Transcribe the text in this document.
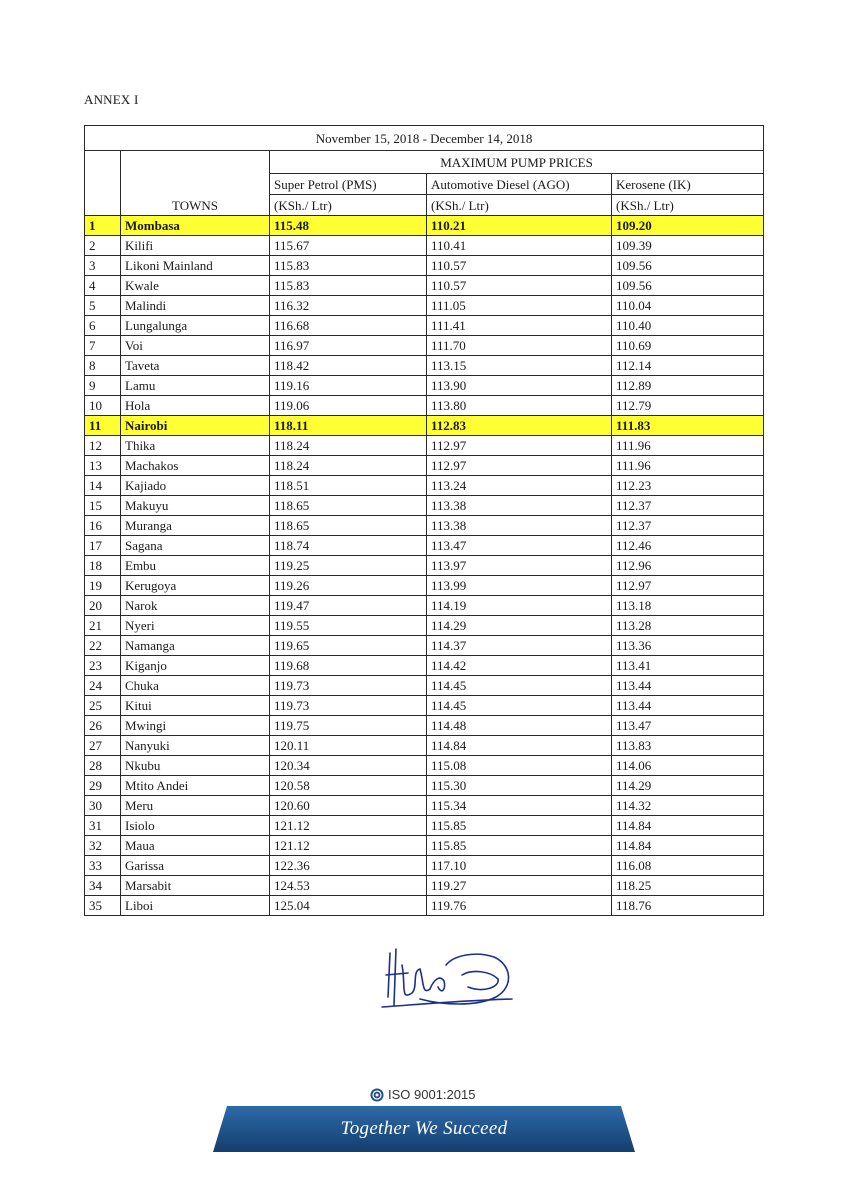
ANNEX I
November 15, 2018 - December 14, 2018				
	TOWNS	MAXIMUM PUMP PRICES		
		Super Petrol (PMS)	Automotive Diesel (AGO)	Kerosene (IK)
		(KSh./ Ltr)	(KSh./ Ltr)	(KSh./ Ltr)
1	Mombasa	115.48	110.21	109.20
2	Kilifi	115.67	110.41	109.39
3	Likoni Mainland	115.83	110.57	109.56
4	Kwale	115.83	110.57	109.56
5	Malindi	116.32	111.05	110.04
6	Lungalunga	116.68	111.41	110.40
7	Voi	116.97	111.70	110.69
8	Taveta	118.42	113.15	112.14
9	Lamu	119.16	113.90	112.89
10	Hola	119.06	113.80	112.79
11	Nairobi	118.11	112.83	111.83
12	Thika	118.24	112.97	111.96
13	Machakos	118.24	112.97	111.96
14	Kajiado	118.51	113.24	112.23
15	Makuyu	118.65	113.38	112.37
16	Muranga	118.65	113.38	112.37
17	Sagana	118.74	113.47	112.46
18	Embu	119.25	113.97	112.96
19	Kerugoya	119.26	113.99	112.97
20	Narok	119.47	114.19	113.18
21	Nyeri	119.55	114.29	113.28
22	Namanga	119.65	114.37	113.36
23	Kiganjo	119.68	114.42	113.41
24	Chuka	119.73	114.45	113.44
25	Kitui	119.73	114.45	113.44
26	Mwingi	119.75	114.48	113.47
27	Nanyuki	120.11	114.84	113.83
28	Nkubu	120.34	115.08	114.06
29	Mtito Andei	120.58	115.30	114.29
30	Meru	120.60	115.34	114.32
31	Isiolo	121.12	115.85	114.84
32	Maua	121.12	115.85	114.84
33	Garissa	122.36	117.10	116.08
34	Marsabit	124.53	119.27	118.25
35	Liboi	125.04	119.76	118.76
ISO 9001:2015
Together We Succeed
